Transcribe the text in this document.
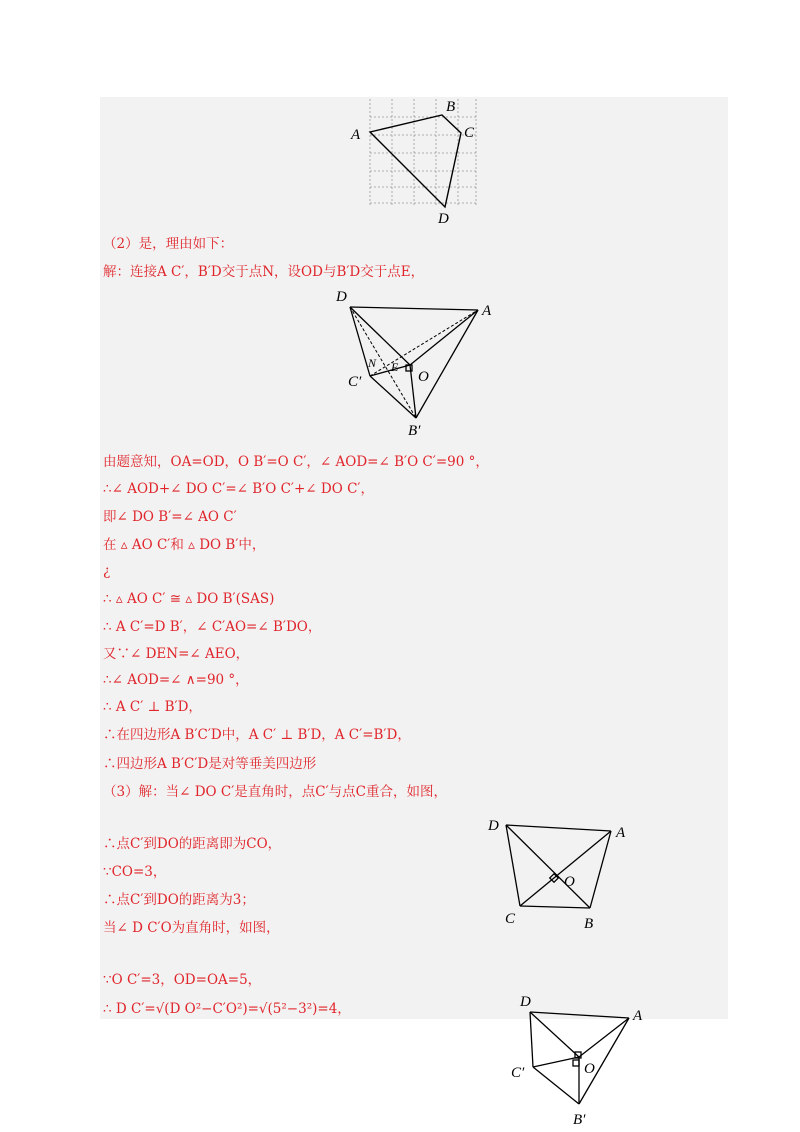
A
B
C
D
D
A
N E
O
C′
B′
D	A
O
C	B
D
A
O
C′
B′
（2）是，理由如下：
解：连接A C′，B′D交于点N，设OD与B′D交于点E，
由题意知，OA=OD，O B′=O C′，∠ AOD=∠ B′O C′=90 °，
∴∠ AOD+∠ DO C′=∠ B′O C′+∠ DO C′，
即∠ DO B′=∠ AO C′
在 ▵ AO C′和 ▵ DO B′中，
¿
∴ ▵ AO C′ ≅ ▵ DO B′(SAS)
∴ A C′=D B′，∠ C′AO=∠ B′DO，
又∵∠ DEN=∠ AEO，
∴∠ AOD=∠ ∧=90 °，
∴ A C′ ⊥ B′D，
∴在四边形A B′C′D中，A C′ ⊥ B′D，A C′=B′D，
∴四边形A B′C′D是对等垂美四边形
（3）解：当∠ DO C′是直角时，点C′与点C重合，如图，
∴点C′到DO的距离即为CO，
∵CO=3，
∴点C′到DO的距离为3；
当∠ D C′O为直角时，如图，
∵O C′=3，OD=OA=5，
∴ D C′=√(D O²−C′O²)=√(5²−3²)=4，
